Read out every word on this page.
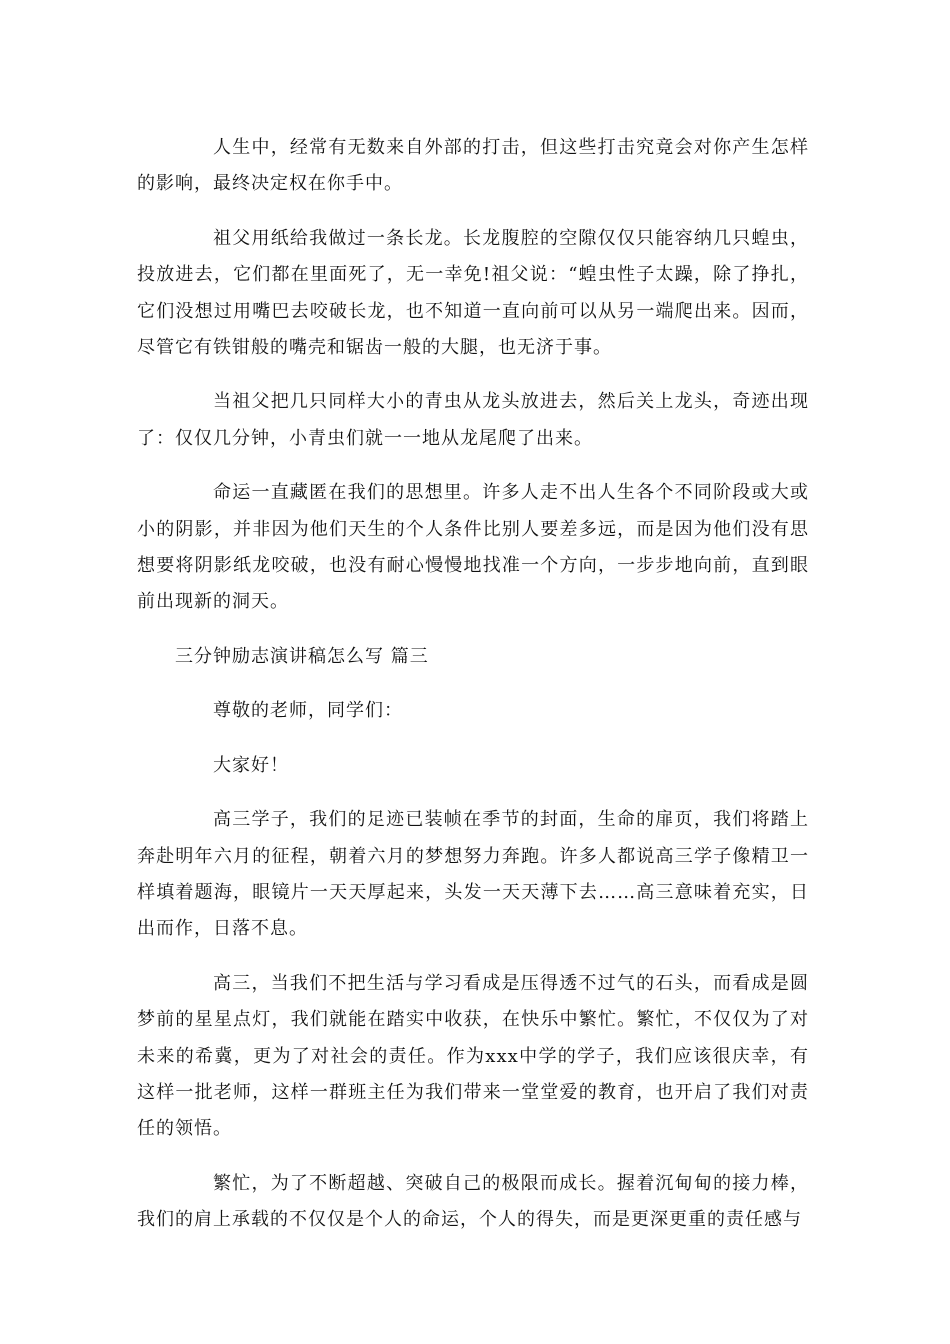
人生中，经常有无数来自外部的打击，但这些打击究竟会对你产生怎样的影响，最终决定权在你手中。

祖父用纸给我做过一条长龙。长龙腹腔的空隙仅仅只能容纳几只蝗虫，投放进去，它们都在里面死了，无一幸免!祖父说：“蝗虫性子太躁，除了挣扎，它们没想过用嘴巴去咬破长龙，也不知道一直向前可以从另一端爬出来。因而，尽管它有铁钳般的嘴壳和锯齿一般的大腿，也无济于事。

当祖父把几只同样大小的青虫从龙头放进去，然后关上龙头，奇迹出现了：仅仅几分钟，小青虫们就一一地从龙尾爬了出来。

命运一直藏匿在我们的思想里。许多人走不出人生各个不同阶段或大或小的阴影，并非因为他们天生的个人条件比别人要差多远，而是因为他们没有思想要将阴影纸龙咬破，也没有耐心慢慢地找准一个方向，一步步地向前，直到眼前出现新的洞天。

三分钟励志演讲稿怎么写 篇三

尊敬的老师，同学们：

大家好！

高三学子，我们的足迹已装帧在季节的封面，生命的扉页，我们将踏上奔赴明年六月的征程，朝着六月的梦想努力奔跑。许多人都说高三学子像精卫一样填着题海，眼镜片一天天厚起来，头发一天天薄下去……高三意味着充实，日出而作，日落不息。

高三，当我们不把生活与学习看成是压得透不过气的石头，而看成是圆梦前的星星点灯，我们就能在踏实中收获，在快乐中繁忙。繁忙，不仅仅为了对未来的希冀，更为了对社会的责任。作为xxx中学的学子，我们应该很庆幸，有这样一批老师，这样一群班主任为我们带来一堂堂爱的教育，也开启了我们对责任的领悟。

繁忙，为了不断超越、突破自己的极限而成长。握着沉甸甸的接力棒，我们的肩上承载的不仅仅是个人的命运，个人的得失，而是更深更重的责任感与
